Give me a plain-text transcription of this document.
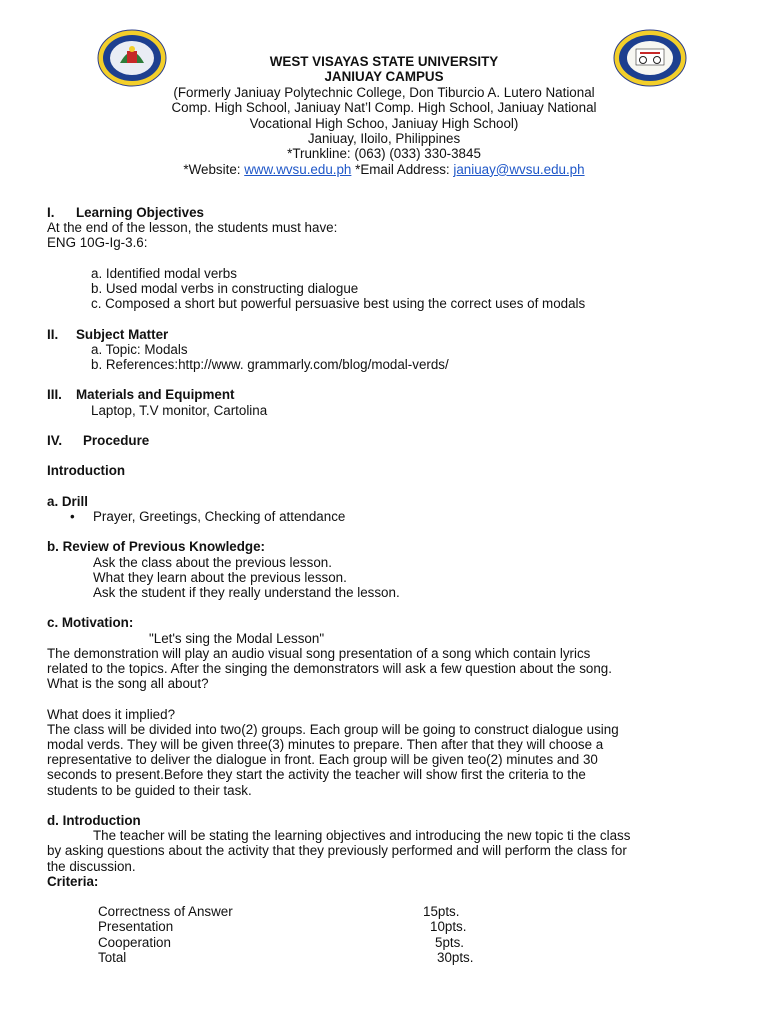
WEST VISAYAS STATE UNIVERSITY
JANIUAY CAMPUS
(Formerly Janiuay Polytechnic College, Don Tiburcio A. Lutero National
Comp. High School, Janiuay Nat’l Comp. High School, Janiuay National
Vocational High Schoo, Janiuay High School)
Janiuay, Iloilo, Philippines
*Trunkline: (063) (033) 330-3845
*Website: www.wvsu.edu.ph *Email Address: janiuay@wvsu.edu.ph
I. Learning Objectives
At the end of the lesson, the students must have:
ENG 10G-Ig-3.6:
a. Identified modal verbs
b. Used modal verbs in constructing dialogue
c. Composed a short but powerful persuasive best using the correct uses of modals
II. Subject Matter
a. Topic: Modals
b. References:http://www. grammarly.com/blog/modal-verds/
III. Materials and Equipment
Laptop, T.V monitor, Cartolina
IV. Procedure
Introduction
a. Drill
•	Prayer, Greetings, Checking of attendance
b. Review of Previous Knowledge:
Ask the class about the previous lesson.
What they learn about the previous lesson.
Ask the student if they really understand the lesson.
c. Motivation:
"Let's sing the Modal Lesson"
The demonstration will play an audio visual song presentation of a song which contain lyrics
related to the topics. After the singing the demonstrators will ask a few question about the song.
What is the song all about?
What does it implied?
The class will be divided into two(2) groups. Each group will be going to construct dialogue using
modal verds. They will be given three(3) minutes to prepare. Then after that they will choose a
representative to deliver the dialogue in front. Each group will be given teo(2) minutes and 30
seconds to present.Before they start the activity the teacher will show first the criteria to the
students to be guided to their task.
d. Introduction
The teacher will be stating the learning objectives and introducing the new topic ti the class
by asking questions about the activity that they previously performed and will perform the class for
the discussion.
Criteria:
Correctness of Answer	15pts.
Presentation	10pts.
Cooperation	5pts.
Total	30pts.
